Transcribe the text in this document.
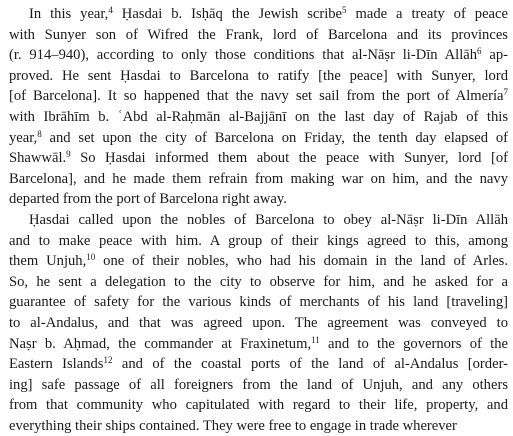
In this year,$^4$ Ḥasdai b. Isḥāq the Jewish scribe$^5$ made a treaty of peace
with Sunyer son of Wifred the Frank, lord of Barcelona and its provinces
(r. 914–940), according to only those conditions that al-Nāṣr li-Dīn Allāh$^6$ ap-
proved. He sent Ḥasdai to Barcelona to ratify [the peace] with Sunyer, lord
[of Barcelona]. It so happened that the navy set sail from the port of Almería$^7$
with Ibrāhīm b. ʿAbd al-Raḥmān al-Bajjānī on the last day of Rajab of this
year,$^8$ and set upon the city of Barcelona on Friday, the tenth day elapsed of
Shawwāl.$^9$ So Ḥasdai informed them about the peace with Sunyer, lord [of
Barcelona], and he made them refrain from making war on him, and the navy
departed from the port of Barcelona right away.
Ḥasdai called upon the nobles of Barcelona to obey al-Nāṣr li-Dīn Allāh
and to make peace with him. A group of their kings agreed to this, among
them Unjuh,$^{10}$ one of their nobles, who had his domain in the land of Arles.
So, he sent a delegation to the city to observe for him, and he asked for a
guarantee of safety for the various kinds of merchants of his land [traveling]
to al-Andalus, and that was agreed upon. The agreement was conveyed to
Naṣr b. Aḥmad, the commander at Fraxinetum,$^{11}$ and to the governors of the
Eastern Islands$^{12}$ and of the coastal ports of the land of al-Andalus [order-
ing] safe passage of all foreigners from the land of Unjuh, and any others
from that community who capitulated with regard to their life, property, and
everything their ships contained. They were free to engage in trade wherever
